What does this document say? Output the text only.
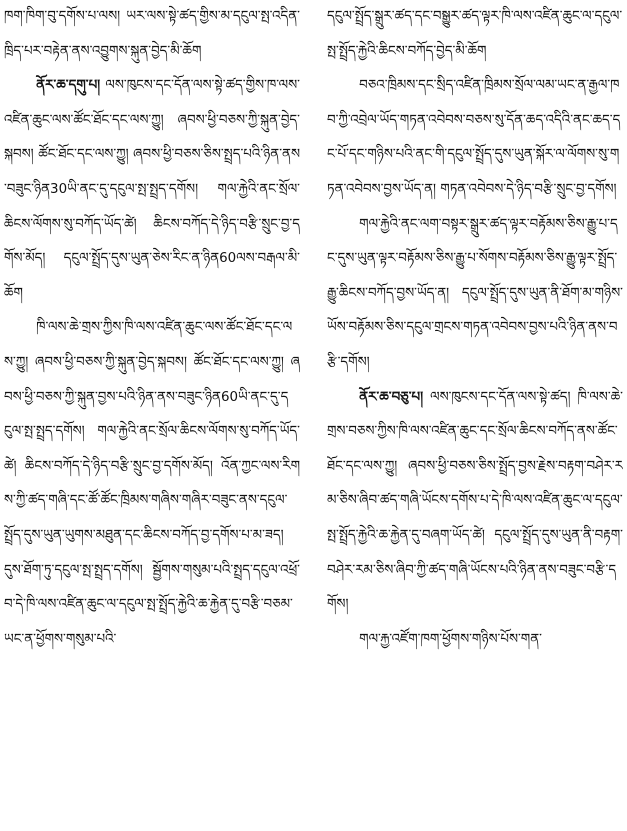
ཁག་ཁིག་བུ་དགོས་པ་ལས། ཡར་ལས་སྟེ་ཚད་གྱིས་མ་དངུལ་སྤ་འདིན་ཁྲིད་པར་བརྟེན་ནས་འབྱུགས་སྐུན་བྱེད་མི་ཆོག

ནོར་ཆ་དགུ་པ། ལས་ཁུངས་དང་དོན་ལས་སྟེ་ཚད་གྱིས་ཁ་ལས་འཛིན་ཆུང་ལས་ཚོང་ཐོང་དང་ལས་ཀྱུ། ཞབས་ཕྱི་བཅས་ཀྱི་སྐུན་བྱེད་སྐབས། ཚོང་ཐོང་དང་ལས་ཀྱུ། ཞབས་ཕྱི་བཅས་ཅིས་སྤྲད་པའི་ཉིན་ནས་བཟུང་ཉིན30ཡི་ནང་དུ་དངུལ་སྤ་སྤྲད་དགོས། གལ་རྐྱེའི་ནང་སྲོལ་ཆིངས་ལོགས་སུ་བཀོད་ཡོད་ཚེ། ཆིངས་བཀོད་དེ་ཉིད་བརྩི་སྲུང་བྱ་དགོས་མོད། དངུལ་སྤྲོད་དུས་ཡུན་ཅེས་རིང་ན་ཉིན60ལས་བརྒལ་མི་ཆོག

ཁི་ལས་ཆེ་གྲས་ཀྱིས་ཁི་ལས་འཛིན་ཆུང་ལས་ཚོང་ཐོང་དང་ལས་ཀྱུ། ཞབས་ཕྱི་བཅས་ཀྱི་སྐུན་བྱེད་སྐབས། ཚོང་ཐོང་དང་ལས་ཀྱུ། ཞབས་ཕྱི་བཅས་ཀྱི་སྐུན་བྱས་པའི་ཉིན་ནས་བཟུང་ཉིན60ཡི་ནང་དུ་དངུལ་སྤ་སྤྲད་དགོས། གལ་རྐྱེའི་ནང་སྲོལ་ཆིངས་ལོགས་སུ་བཀོད་ཡོད་ཚེ། ཆིངས་བཀོད་དེ་ཉིད་བརྩི་སྲུང་བྱ་དགོས་མོད། འོན་ཀྱང་ལས་རིགས་ཀྱི་ཚད་གཞི་དང་ཚོ་ཚོང་ཁྲིམས་གཞིས་གཞིར་བཟུང་ནས་དངུལ་སྤྲོད་དུས་ཡུན་ཡུགས་མཐུན་དང་ཆིངས་བཀོད་བྱ་དགོས་པ་མ་ཟད། དུས་ཐོག་ཏུ་དངུལ་སྤ་སྤྲད་དགོས། སྦྱོགས་གསུམ་པའི་སྤྲད་དངུལ་འཕྲོ་བ་དེ་ཁི་ལས་འཛིན་ཆུང་ལ་དངུལ་སྤ་སྤྲོད་རྐྱེའི་ཆ་རྐྱེན་དུ་བརྩི་བཅམ་ཡང་ན་ཕྱོགས་གསུམ་པའི་

དངུལ་སྤྲོད་སྒྲུར་ཚད་དང་བསྒྱུར་ཚད་ལྟར་ཁི་ལས་འཛིན་ཆུང་ལ་དངུལ་སྤ་སྤྲོད་རྐྱེའི་ཆིངས་བཀོད་བྱེད་མི་ཆོག

བཅའ་ཁྲིམས་དང་སྲིད་འཛིན་ཁྲིམས་སྲོལ་ལམ་ཡང་ན་རྒྱལ་ཁབ་ཀྱི་འབྲེལ་ཡོད་གཏན་འབེབས་བཅས་སུ་དོན་ཆད་འདིའི་ནང་ཆད་དང་པོ་དང་གཉིས་པའི་ནང་གི་དངུལ་སྤྲོད་དུས་ཡུན་སྐོར་ལ་ལོགས་སུ་གཏན་འབེབས་བྱས་ཡོད་ན། གཏན་འབེབས་དེ་ཉིད་བརྩི་སྲུང་བྱ་དགོས།

གལ་རྐྱེའི་ནང་ལག་བསྟར་སྒྲུར་ཚད་ལྟར་བརྟོམས་ཅིས་རྒྱུ་པ་དང་དུས་ཡུན་ལྟར་བརྟོམས་ཅིས་རྒྱུ་པ་སོགས་བརྟོམས་ཅིས་རྒྱུ་ལྟར་སྤྲོད་རྒྱུ་ཆིངས་བཀོད་བྱས་ཡོད་ན། དངུལ་སྤྲོད་དུས་ཡུན་ནི་ཐོག་མ་གཉིས་ཡོས་བརྟོམས་ཅིས་དངུལ་གྲངས་གཏན་འབེབས་བྱས་པའི་ཉིན་ནས་བརྩི་དགོས།

ནོར་ཆ་བཅུ་པ། ལས་ཁུངས་དང་དོན་ལས་སྟེ་ཚད། ཁི་ལས་ཆེ་གྲས་བཅས་ཀྱིས་ཁི་ལས་འཛིན་ཆུང་དང་སྲོལ་ཆིངས་བཀོད་ནས་ཚོང་ཐོང་དང་ལས་ཀྱུ། ཞབས་ཕྱི་བཅས་ཅིས་སྤྲོད་བྱས་རྗེས་བརྟག་བཤེར་རམ་ཅིས་ཞིབ་ཚད་གཞི་ཡོངས་དགོས་པ་དེ་ཁི་ལས་འཛིན་ཆུང་ལ་དངུལ་སྤ་སྤྲོད་རྐྱེའི་ཆ་རྐྱེན་དུ་བཞག་ཡོད་ཚེ། དངུལ་སྤྲོད་དུས་ཡུན་ནི་བརྟག་བཤེར་རམ་ཅིས་ཞིབ་ཀྱི་ཚད་གཞི་ཡོངས་པའི་ཉིན་ནས་བཟུང་བརྩི་དགོས།

གལ་རྐྱ་འཛོག་ཁག་ཕྱོགས་གཉིས་པོས་གན་
